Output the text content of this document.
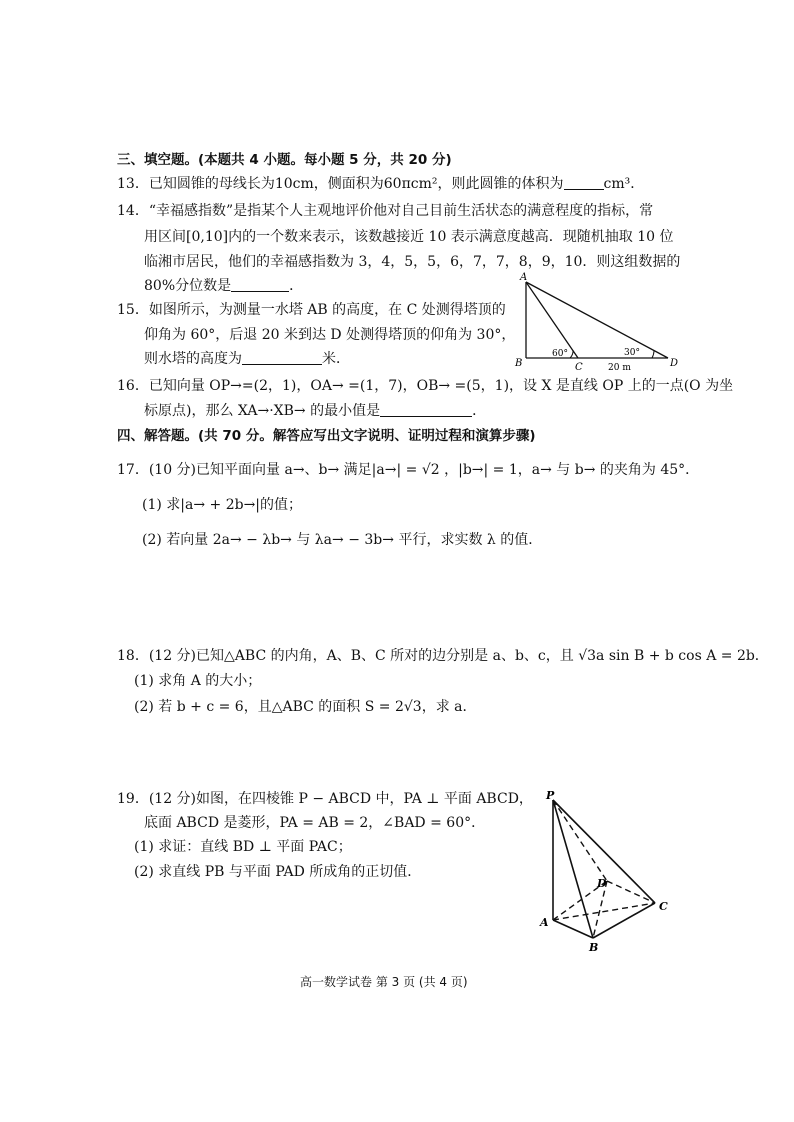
三、填空题。(本题共 4 小题。每小题 5 分，共 20 分)
13．已知圆锥的母线长为10cm，侧面积为60πcm²，则此圆锥的体积为	cm³．
14．“幸福感指数”是指某个人主观地评价他对自己目前生活状态的满意程度的指标，常
用区间[0,10]内的一个数来表示，该数越接近 10 表示满意度越高．现随机抽取 10 位
临湘市居民，他们的幸福感指数为 3，4，5，5，6，7，7，8，9，10．则这组数据的
80%分位数是	．
15．如图所示，为测量一水塔 AB 的高度，在 C 处测得塔顶的
仰角为 60°，后退 20 米到达 D 处测得塔顶的仰角为 30°，
则水塔的高度为	米．
A
B	C	D
60°	30°
20 m
16．已知向量 OP→=(2，1)，OA→ =(1，7)，OB→ =(5，1)，设 X 是直线 OP 上的一点(O 为坐
标原点)，那么 XA→·XB→ 的最小值是	．
四、解答题。(共 70 分。解答应写出文字说明、证明过程和演算步骤)
17．(10 分)已知平面向量 a→、b→ 满足|a→| = √2 ，|b→| = 1，a→ 与 b→ 的夹角为 45°．
(1) 求|a→ + 2b→|的值；
(2) 若向量 2a→ − λb→ 与 λa→ − 3b→ 平行，求实数 λ 的值．
18．(12 分)已知△ABC 的内角，A、B、C 所对的边分别是 a、b、c，且 √3a sin B + b cos A = 2b．
(1) 求角 A 的大小；
(2) 若 b + c = 6，且△ABC 的面积 S = 2√3，求 a．
19．(12 分)如图，在四棱锥 P − ABCD 中，PA ⊥ 平面 ABCD，
底面 ABCD 是菱形，PA = AB = 2，∠BAD = 60°．
(1) 求证：直线 BD ⊥ 平面 PAC；
(2) 求直线 PB 与平面 PAD 所成角的正切值．
P
A
B
C
D
高一数学试卷 第 3 页 (共 4 页)
